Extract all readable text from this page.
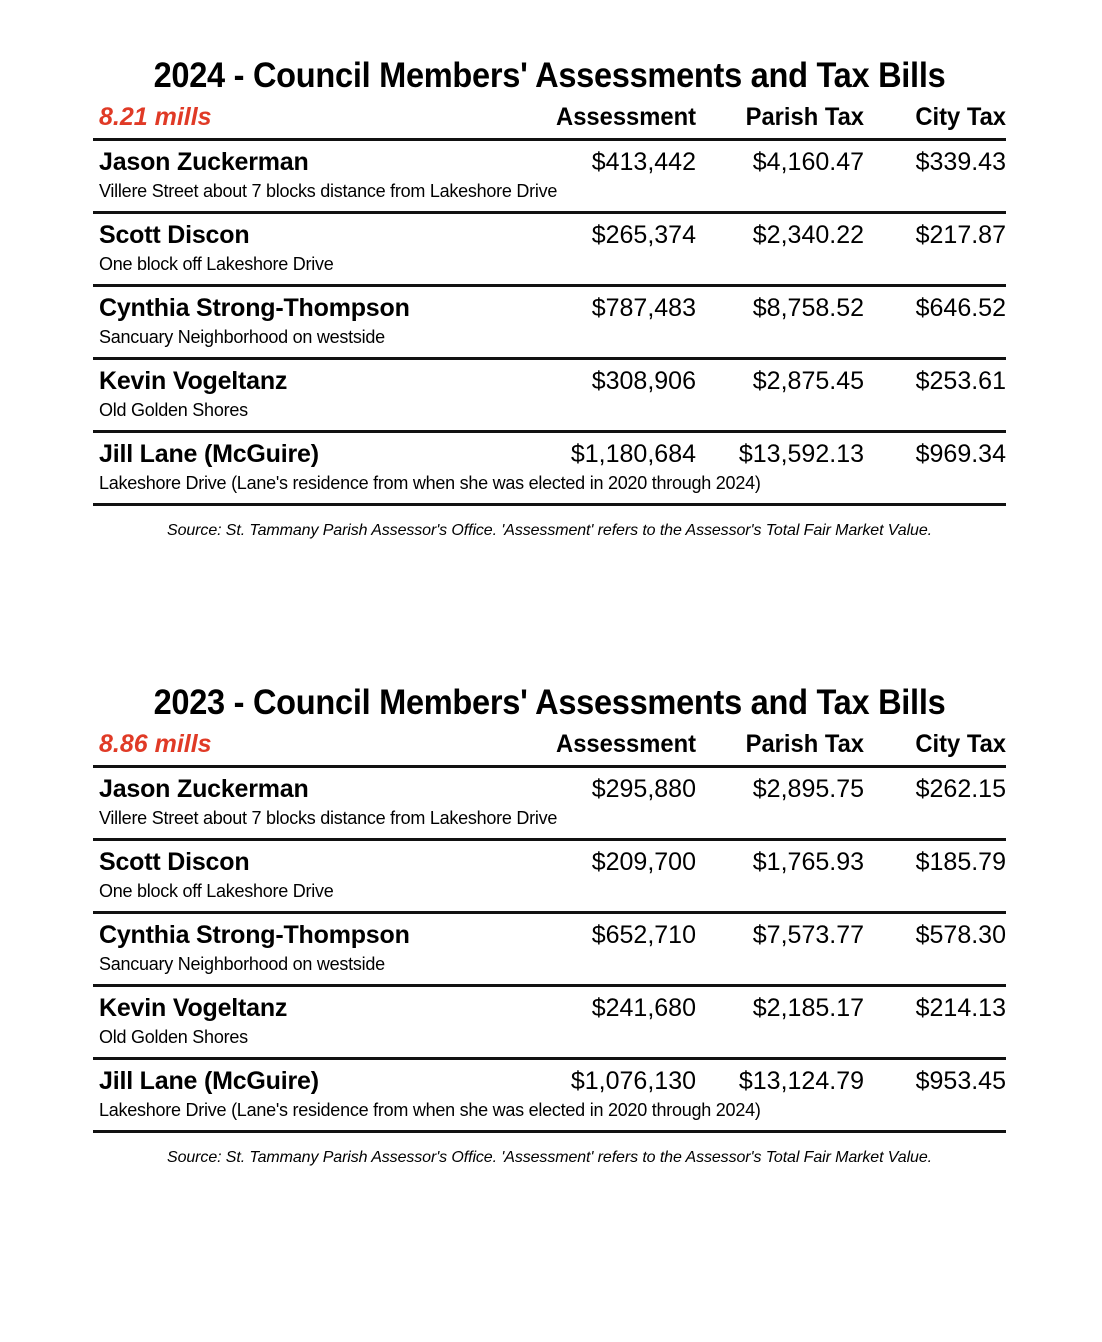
2024 - Council Members' Assessments and Tax Bills
8.21 mills	Assessment	Parish Tax	City Tax
Jason Zuckerman	$413,442	$4,160.47	$339.43
Villere Street about 7 blocks distance from Lakeshore Drive			
Scott Discon	$265,374	$2,340.22	$217.87
One block off Lakeshore Drive			
Cynthia Strong-Thompson	$787,483	$8,758.52	$646.52
Sancuary Neighborhood on westside			
Kevin Vogeltanz	$308,906	$2,875.45	$253.61
Old Golden Shores			
Jill Lane (McGuire)	$1,180,684	$13,592.13	$969.34
Lakeshore Drive (Lane's residence from when she was elected in 2020 through 2024)			
Source: St. Tammany Parish Assessor's Office. 'Assessment' refers to the Assessor's Total Fair Market Value.			
2023 - Council Members' Assessments and Tax Bills
8.86 mills	Assessment	Parish Tax	City Tax
Jason Zuckerman	$295,880	$2,895.75	$262.15
Villere Street about 7 blocks distance from Lakeshore Drive			
Scott Discon	$209,700	$1,765.93	$185.79
One block off Lakeshore Drive			
Cynthia Strong-Thompson	$652,710	$7,573.77	$578.30
Sancuary Neighborhood on westside			
Kevin Vogeltanz	$241,680	$2,185.17	$214.13
Old Golden Shores			
Jill Lane (McGuire)	$1,076,130	$13,124.79	$953.45
Lakeshore Drive (Lane's residence from when she was elected in 2020 through 2024)			
Source: St. Tammany Parish Assessor's Office. 'Assessment' refers to the Assessor's Total Fair Market Value.			
